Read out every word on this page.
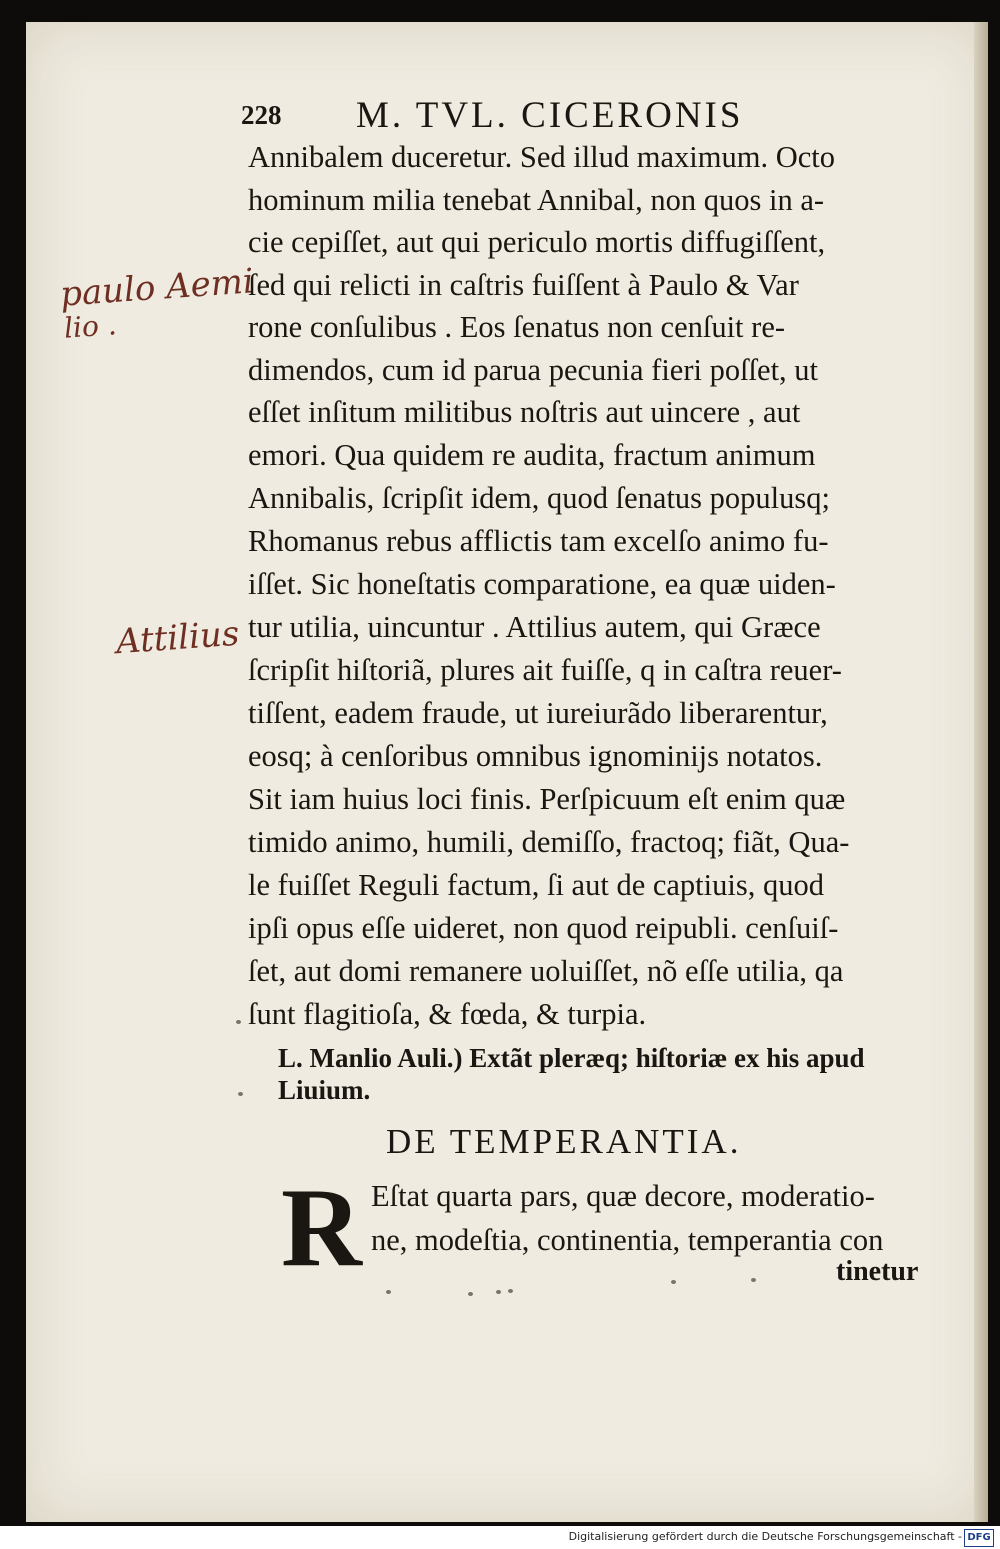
228 M. TVL. CICERONIS
Annibalem duceretur. Sed illud maximum. Octo
hominum milia tenebat Annibal, non quos in a-
cie cepiſſet, aut qui periculo mortis diffugiſſent,
ſed qui relicti in caſtris fuiſſent à Paulo & Var
rone conſulibus . Eos ſenatus non cenſuit re-
dimendos, cum id parua pecunia fieri poſſet, ut
eſſet inſitum militibus noſtris aut uincere , aut
emori. Qua quidem re audita, fractum animum
Annibalis, ſcripſit idem, quod ſenatus populusq;
Rhomanus rebus afflictis tam excelſo animo fu-
iſſet. Sic honeſtatis comparatione, ea quæ uiden-
tur utilia, uincuntur . Attilius autem, qui Græce
ſcripſit hiſtoriã, plures ait fuiſſe, q in caſtra reuer-
tiſſent, eadem fraude, ut iureiurãdo liberarentur,
eosq; à cenſoribus omnibus ignominijs notatos.
Sit iam huius loci finis. Perſpicuum eſt enim quæ
timido animo, humili, demiſſo, fractoq; fiãt, Qua-
le fuiſſet Reguli factum, ſi aut de captiuis, quod
ipſi opus eſſe uideret, non quod reipubli. cenſuiſ-
ſet, aut domi remanere uoluiſſet, nõ eſſe utilia, qa
ſunt flagitioſa, & fœda, & turpia.
paulo Aemi
lio .
Attilius
L. Manlio Auli.) Extãt pleræq; hiſtoriæ ex his apud
Liuium.
DE TEMPERANTIA.
R Eſtat quarta pars, quæ decore, moderatio-
ne, modeſtia, continentia, temperantia con
tinetur
Digitalisierung gefördert durch die Deutsche Forschungsgemeinschaft - DFG
